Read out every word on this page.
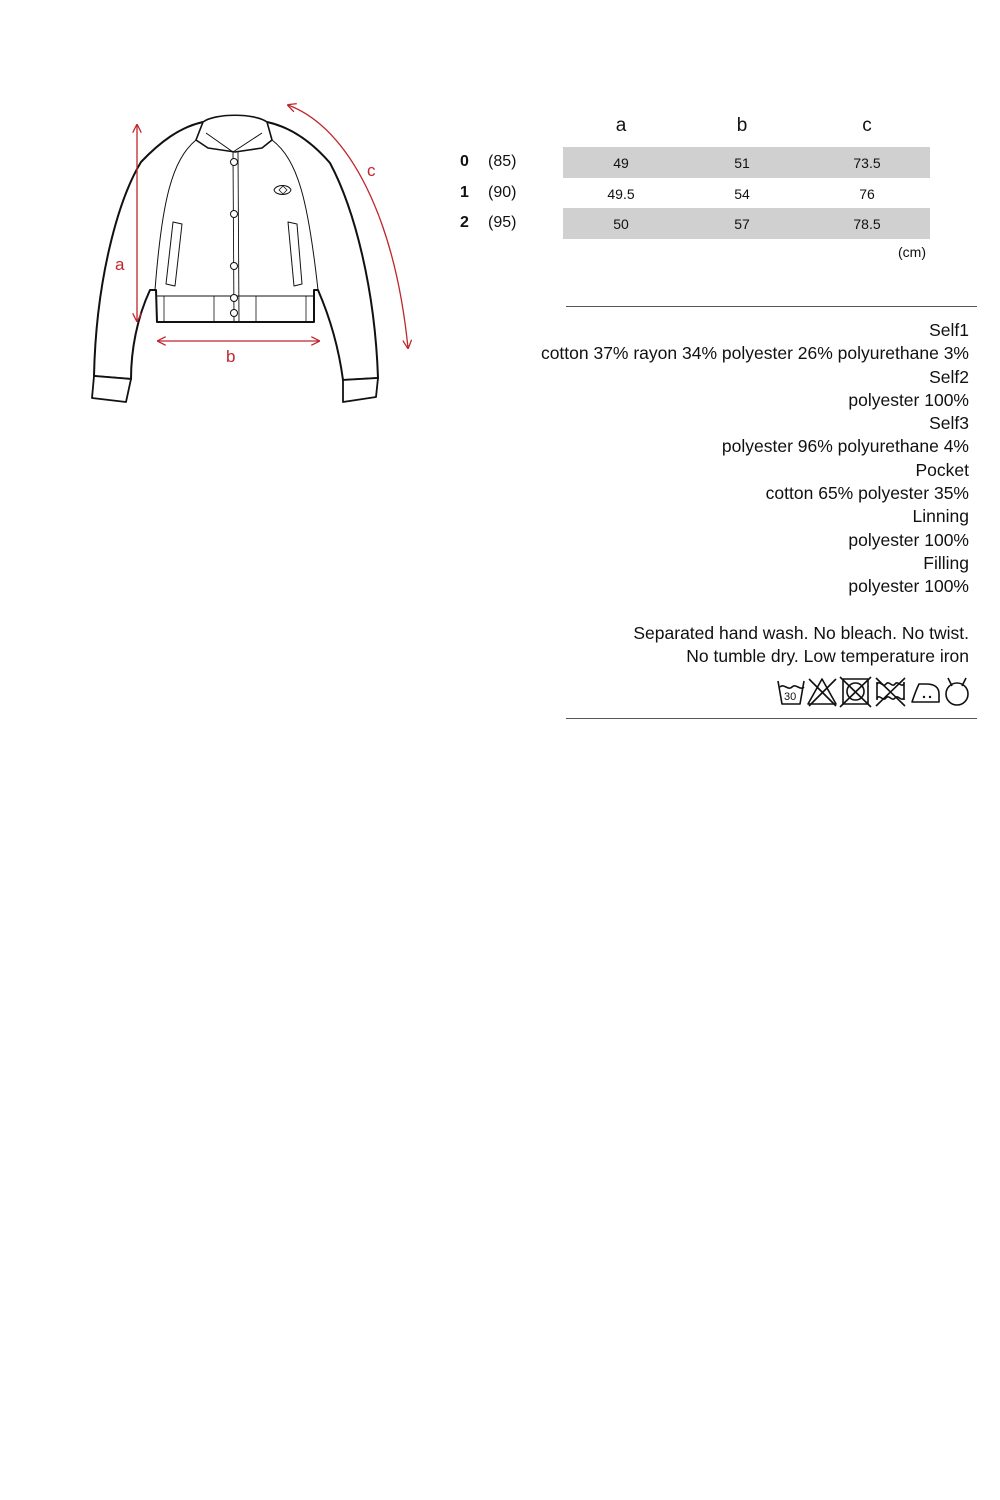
a
b
c
a	b	c
0 (85)	49	51	73.5
1 (90)	49.5	54	76
2 (95)	50	57	78.5
(cm)
Self1
cotton 37% rayon 34% polyester 26% polyurethane 3%
Self2
polyester 100%
Self3
polyester 96% polyurethane 4%
Pocket
cotton 65% polyester 35%
Linning
polyester 100%
Filling
polyester 100%
Separated hand wash. No bleach. No twist.
No tumble dry. Low temperature iron
30
